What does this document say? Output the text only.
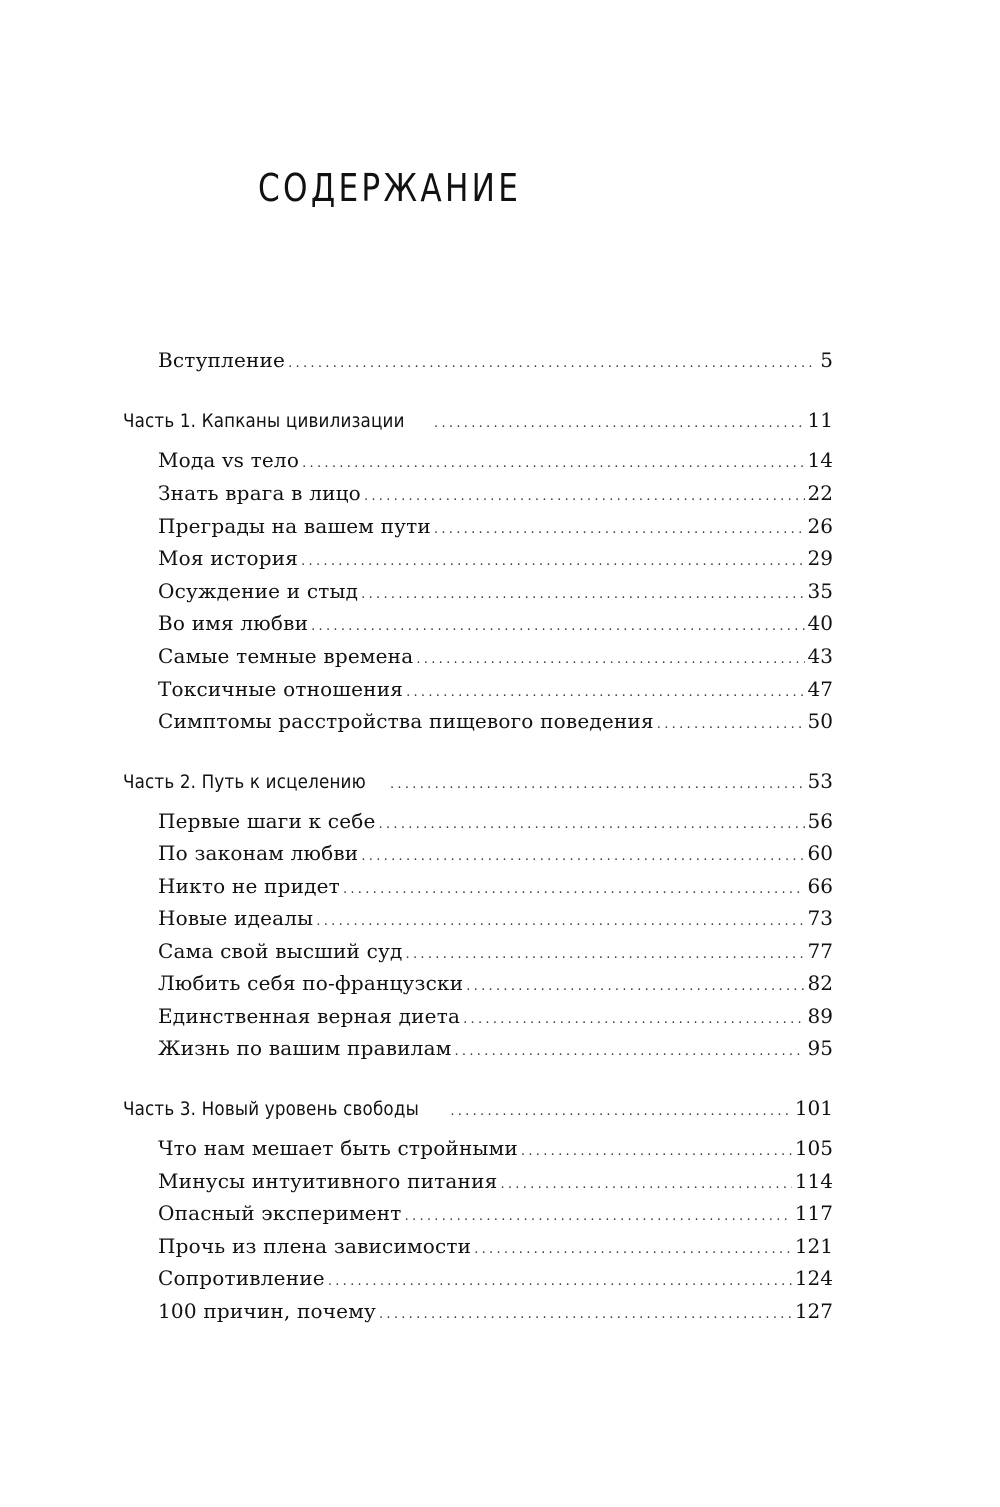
СОДЕРЖАНИЕ
Вступление .....	5
Часть 1. Капканы цивилизации .....	11
Мода vs тело .....	14
Знать врага в лицо .....	22
Преграды на вашем пути .....	26
Моя история .....	29
Осуждение и стыд .....	35
Во имя любви .....	40
Самые темные времена .....	43
Токсичные отношения .....	47
Симптомы расстройства пищевого поведения .....	50
Часть 2. Путь к исцелению .....	53
Первые шаги к себе .....	56
По законам любви .....	60
Никто не придет .....	66
Новые идеалы .....	73
Сама свой высший суд .....	77
Любить себя по-французски .....	82
Единственная верная диета .....	89
Жизнь по вашим правилам .....	95
Часть 3. Новый уровень свободы .....	101
Что нам мешает быть стройными .....	105
Минусы интуитивного питания .....	114
Опасный эксперимент .....	117
Прочь из плена зависимости .....	121
Сопротивление .....	124
100 причин, почему .....	127
